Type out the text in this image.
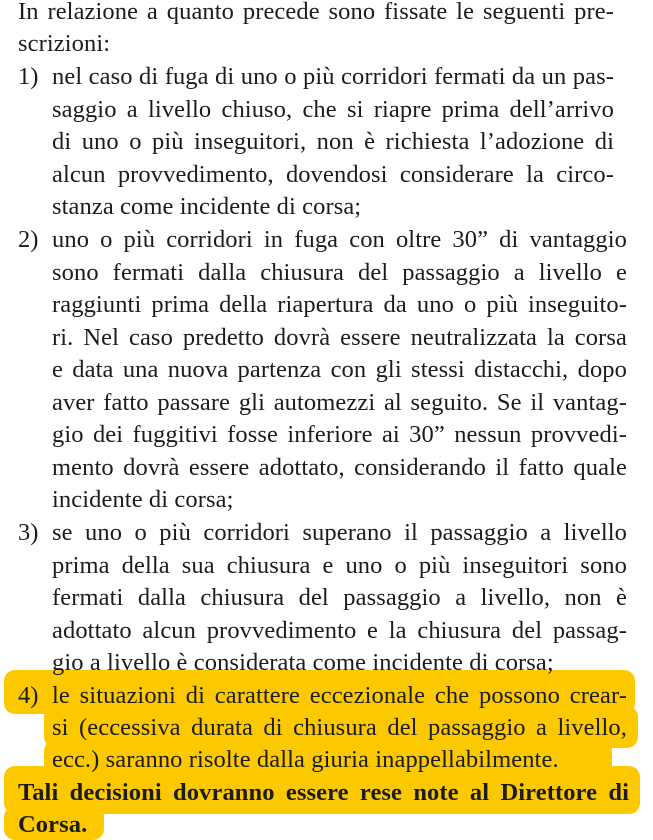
In relazione a quanto precede sono fissate le seguenti pre-
scrizioni:
1) nel caso di fuga di uno o più corridori fermati da un pas-
saggio a livello chiuso, che si riapre prima dell’arrivo
di uno o più inseguitori, non è richiesta l’adozione di
alcun provvedimento, dovendosi considerare la circo-
stanza come incidente di corsa;
2) uno o più corridori in fuga con oltre 30” di vantaggio
sono fermati dalla chiusura del passaggio a livello e
raggiunti prima della riapertura da uno o più inseguito-
ri. Nel caso predetto dovrà essere neutralizzata la corsa
e data una nuova partenza con gli stessi distacchi, dopo
aver fatto passare gli automezzi al seguito. Se il vantag-
gio dei fuggitivi fosse inferiore ai 30” nessun provvedi-
mento dovrà essere adottato, considerando il fatto quale
incidente di corsa;
3) se uno o più corridori superano il passaggio a livello
prima della sua chiusura e uno o più inseguitori sono
fermati dalla chiusura del passaggio a livello, non è
adottato alcun provvedimento e la chiusura del passag-
gio a livello è considerata come incidente di corsa;
4) le situazioni di carattere eccezionale che possono crear-
si (eccessiva durata di chiusura del passaggio a livello,
ecc.) saranno risolte dalla giuria inappellabilmente.
Tali decisioni dovranno essere rese note al Direttore di
Corsa.
